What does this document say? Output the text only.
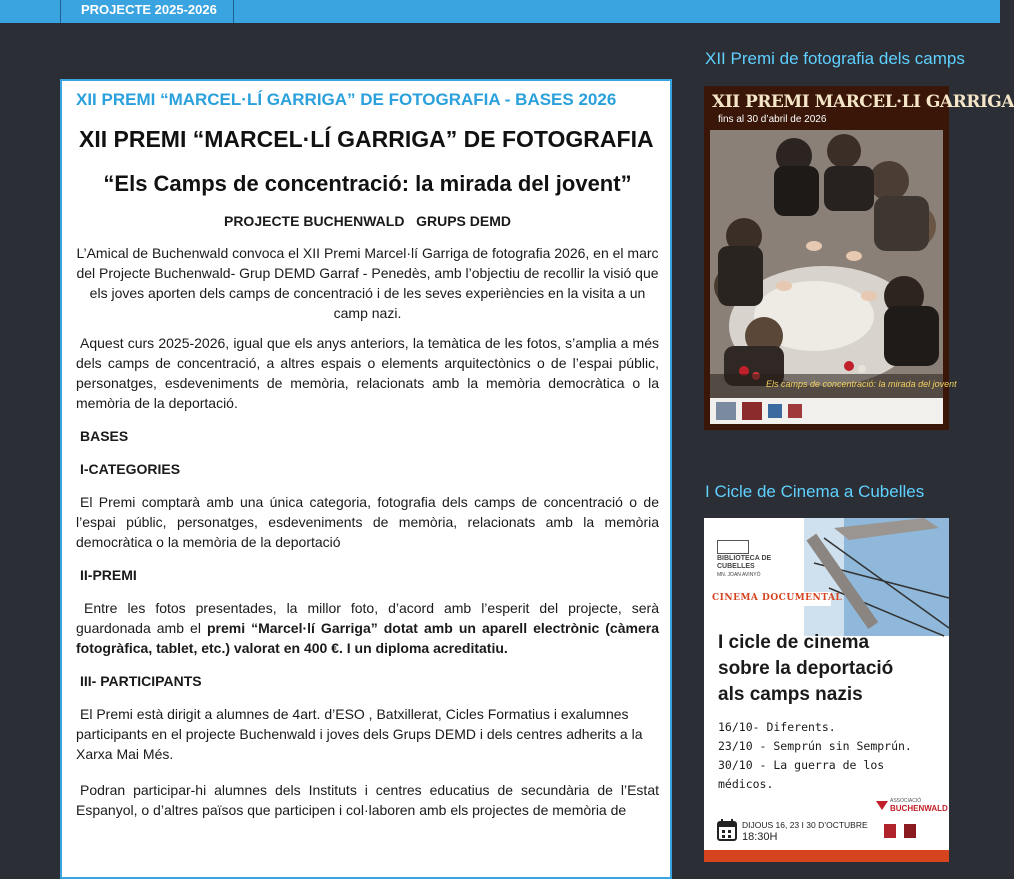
PROJECTE 2025-2026
XII PREMI “MARCEL·LÍ GARRIGA” DE FOTOGRAFIA - BASES 2026
XII PREMI “MARCEL·LÍ GARRIGA” DE FOTOGRAFIA
“Els Camps de concentració: la mirada del jovent”
PROJECTE BUCHENWALD   GRUPS DEMD

L’Amical de Buchenwald convoca el XII Premi Marcel·lí Garriga de fotografia 2026, en el marc del Projecte Buchenwald- Grup DEMD Garraf - Penedès, amb l’objectiu de recollir la visió que els joves aporten dels camps de concentració i de les seves experiències en la visita a un camp nazi.

Aquest curs 2025-2026, igual que els anys anteriors, la temàtica de les fotos, s’amplia a més dels camps de concentració, a altres espais o elements arquitectònics o de l’espai públic, personatges, esdeveniments de memòria, relacionats amb la memòria democràtica o la memòria de la deportació.

BASES
I-CATEGORIES

El Premi comptarà amb una única categoria, fotografia dels camps de concentració o de l’espai públic, personatges, esdeveniments de memòria, relacionats amb la memòria democràtica o la memòria de la deportació

II-PREMI

Entre les fotos presentades, la millor foto, d’acord amb l’esperit del projecte, serà guardonada amb el premi “Marcel·lí Garriga” dotat amb un aparell electrònic (càmera fotogràfica, tablet, etc.) valorat en 400 €. I un diploma acreditatiu.

III- PARTICIPANTS

El Premi està dirigit a alumnes de 4art. d’ESO , Batxillerat, Cicles Formatius i exalumnes participants en el projecte Buchenwald i joves dels Grups DEMD i dels centres adherits a la Xarxa Mai Més.

Podran participar-hi alumnes dels Instituts i centres educatius de secundària de l’Estat Espanyol, o d’altres països que participen i col·laboren amb els projectes de memòria de

XII Premi de fotografia dels camps
XII PREMI MARCEL·LI GARRIGA
fins al 30 d’abril de 2026
Els camps de concentració: la mirada del jovent
I Cicle de Cinema a Cubelles
BIBLIOTECA DE CUBELLES
MN. JOAN AVINYÓ
CINEMA DOCUMENTAL
I cicle de cinema
sobre la deportació
als camps nazis
16/10- Diferents.
23/10 - Semprún sin Semprún.
30/10 - La guerra de los
médicos.
ASSOCIACIÓ
BUCHENWALD
DIJOUS 16, 23 I 30 D’OCTUBRE
18:30H
